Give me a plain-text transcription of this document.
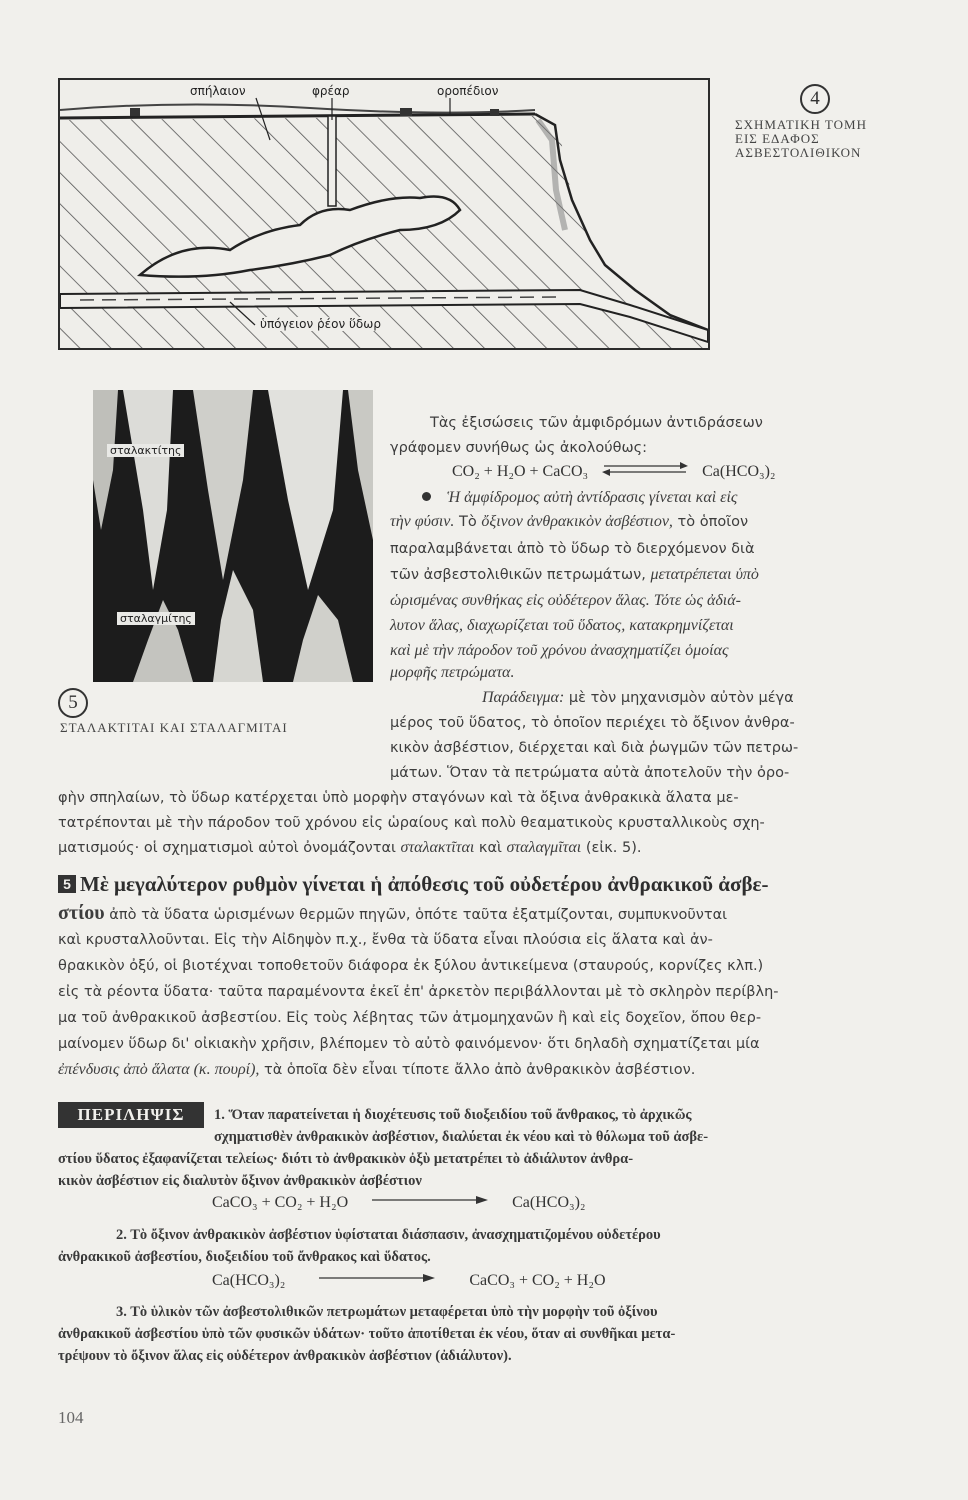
σπήλαιον	φρέαρ	οροπέδιον
ὑπόγειον ῥέον ὕδωρ
4
ΣΧΗΜΑΤΙΚΗ ΤΟΜΗ
ΕΙΣ ΕΔΑΦΟΣ
ΑΣΒΕΣΤΟΛΙΘΙΚΟΝ
σταλακτίτης
σταλαγμίτης
5
ΣΤΑΛΑΚΤΙΤΑΙ ΚΑΙ ΣΤΑΛΑΓΜΙΤΑΙ
Τὰς ἐξισώσεις τῶν ἀμφιδρόμων ἀντιδράσεων
γράφομεν συνήθως ὡς ἀκολούθως:
CO₂ + H₂O + CaCO₃	Ca(HCO₃)₂
Ἡ ἀμφίδρομος αὐτὴ ἀντίδρασις γίνεται καὶ εἰς
τὴν φύσιν. Τὸ ὄξινον ἀνθρακικὸν ἀσβέστιον, τὸ ὁποῖον
παραλαμβάνεται ἀπὸ τὸ ὕδωρ τὸ διερχόμενον διὰ
τῶν ἀσβεστολιθικῶν πετρωμάτων, μετατρέπεται ὑπὸ
ὡρισμένας συνθήκας εἰς οὐδέτερον ἅλας. Τότε ὡς ἀδιά-
λυτον ἅλας, διαχωρίζεται τοῦ ὕδατος, κατακρημνίζεται
καὶ μὲ τὴν πάροδον τοῦ χρόνου ἀνασχηματίζει ὁμοίας
μορφῆς πετρώματα.
Παράδειγμα: μὲ τὸν μηχανισμὸν αὐτὸν μέγα
μέρος τοῦ ὕδατος, τὸ ὁποῖον περιέχει τὸ ὄξινον ἀνθρα-
κικὸν ἀσβέστιον, διέρχεται καὶ διὰ ῥωγμῶν τῶν πετρω-
μάτων. Ὅταν τὰ πετρώματα αὐτὰ ἀποτελοῦν τὴν ὀρο-
φὴν σπηλαίων, τὸ ὕδωρ κατέρχεται ὑπὸ μορφὴν σταγόνων καὶ τὰ ὄξινα ἀνθρακικὰ ἅλατα με-
τατρέπονται μὲ τὴν πάροδον τοῦ χρόνου εἰς ὡραίους καὶ πολὺ θεαματικοὺς κρυσταλλικοὺς σχη-
ματισμούς· οἱ σχηματισμοὶ αὐτοὶ ὀνομάζονται σταλακτῖται καὶ σταλαγμῖται (εἰκ. 5).
5 Μὲ μεγαλύτερον ρυθμὸν γίνεται ἡ ἀπόθεσις τοῦ οὐδετέρου ἀνθρακικοῦ ἀσβε-
στίου ἀπὸ τὰ ὕδατα ὡρισμένων θερμῶν πηγῶν, ὁπότε ταῦτα ἐξατμίζονται, συμπυκνοῦνται
καὶ κρυσταλλοῦνται. Εἰς τὴν Αἰδηψὸν π.χ., ἔνθα τὰ ὕδατα εἶναι πλούσια εἰς ἅλατα καὶ ἀν-
θρακικὸν ὀξύ, οἱ βιοτέχναι τοποθετοῦν διάφορα ἐκ ξύλου ἀντικείμενα (σταυρούς, κορνίζες κλπ.)
εἰς τὰ ρέοντα ὕδατα· ταῦτα παραμένοντα ἐκεῖ ἐπ' ἀρκετὸν περιβάλλονται μὲ τὸ σκληρὸν περίβλη-
μα τοῦ ἀνθρακικοῦ ἀσβεστίου. Εἰς τοὺς λέβητας τῶν ἀτμομηχανῶν ἢ καὶ εἰς δοχεῖον, ὅπου θερ-
μαίνομεν ὕδωρ δι' οἰκιακὴν χρῆσιν, βλέπομεν τὸ αὐτὸ φαινόμενον· ὅτι δηλαδὴ σχηματίζεται μία
ἐπένδυσις ἀπὸ ἅλατα (κ. πουρί), τὰ ὁποῖα δὲν εἶναι τίποτε ἄλλο ἀπὸ ἀνθρακικὸν ἀσβέστιον.
ΠΕΡΙΛΗΨΙΣ	1. Ὅταν παρατείνεται ἡ διοχέτευσις τοῦ διοξειδίου τοῦ ἄνθρακος, τὸ ἀρχικῶς
σχηματισθὲν ἀνθρακικὸν ἀσβέστιον, διαλύεται ἐκ νέου καὶ τὸ θόλωμα τοῦ ἀσβε-
στίου ὕδατος ἐξαφανίζεται τελείως· διότι τὸ ἀνθρακικὸν ὀξὺ μετατρέπει τὸ ἀδιάλυτον ἀνθρα-
κικὸν ἀσβέστιον εἰς διαλυτὸν ὄξινον ἀνθρακικὸν ἀσβέστιον
CaCO₃ + CO₂ + H₂O	Ca(HCO₃)₂
2. Τὸ ὄξινον ἀνθρακικὸν ἀσβέστιον ὑφίσταται διάσπασιν, ἀνασχηματιζομένου οὐδετέρου
ἀνθρακικοῦ ἀσβεστίου, διοξειδίου τοῦ ἄνθρακος καὶ ὕδατος.
Ca(HCO₃)₂	CaCO₃ + CO₂ + H₂O
3. Τὸ ὑλικὸν τῶν ἀσβεστολιθικῶν πετρωμάτων μεταφέρεται ὑπὸ τὴν μορφὴν τοῦ ὀξίνου
ἀνθρακικοῦ ἀσβεστίου ὑπὸ τῶν φυσικῶν ὑδάτων· τοῦτο ἀποτίθεται ἐκ νέου, ὅταν αἱ συνθῆκαι μετα-
τρέψουν τὸ ὄξινον ἅλας εἰς οὐδέτερον ἀνθρακικὸν ἀσβέστιον (ἀδιάλυτον).
104
